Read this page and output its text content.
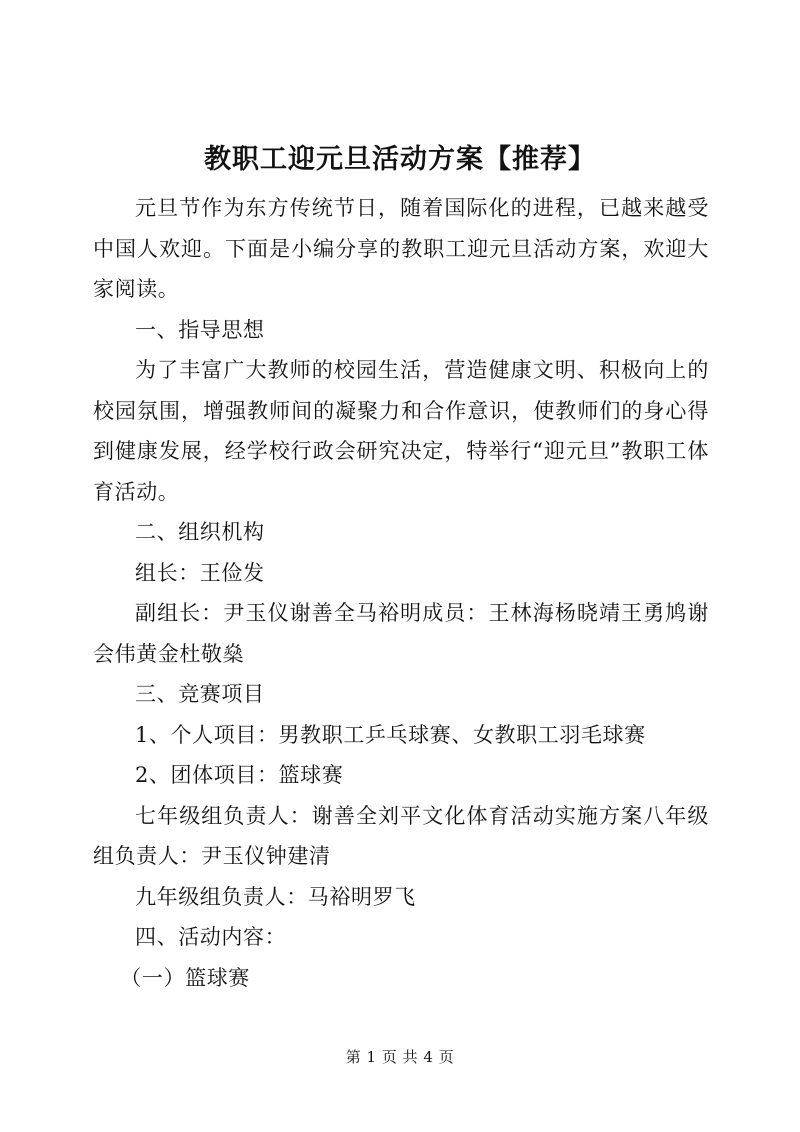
教职工迎元旦活动方案【推荐】

元旦节作为东方传统节日，随着国际化的进程，已越来越受中国人欢迎。下面是小编分享的教职工迎元旦活动方案，欢迎大家阅读。

一、指导思想

为了丰富广大教师的校园生活，营造健康文明、积极向上的校园氛围，增强教师间的凝聚力和合作意识，使教师们的身心得到健康发展，经学校行政会研究决定，特举行“迎元旦”教职工体育活动。

二、组织机构

组长：王俭发

副组长：尹玉仪谢善全马裕明成员：王林海杨晓靖王勇鸠谢会伟黄金杜敬燊

三、竞赛项目

1、个人项目：男教职工乒乓球赛、女教职工羽毛球赛

2、团体项目：篮球赛

七年级组负责人：谢善全刘平文化体育活动实施方案八年级组负责人：尹玉仪钟建清

九年级组负责人：马裕明罗飞

四、活动内容：

（一）篮球赛

第 1 页 共 4 页
